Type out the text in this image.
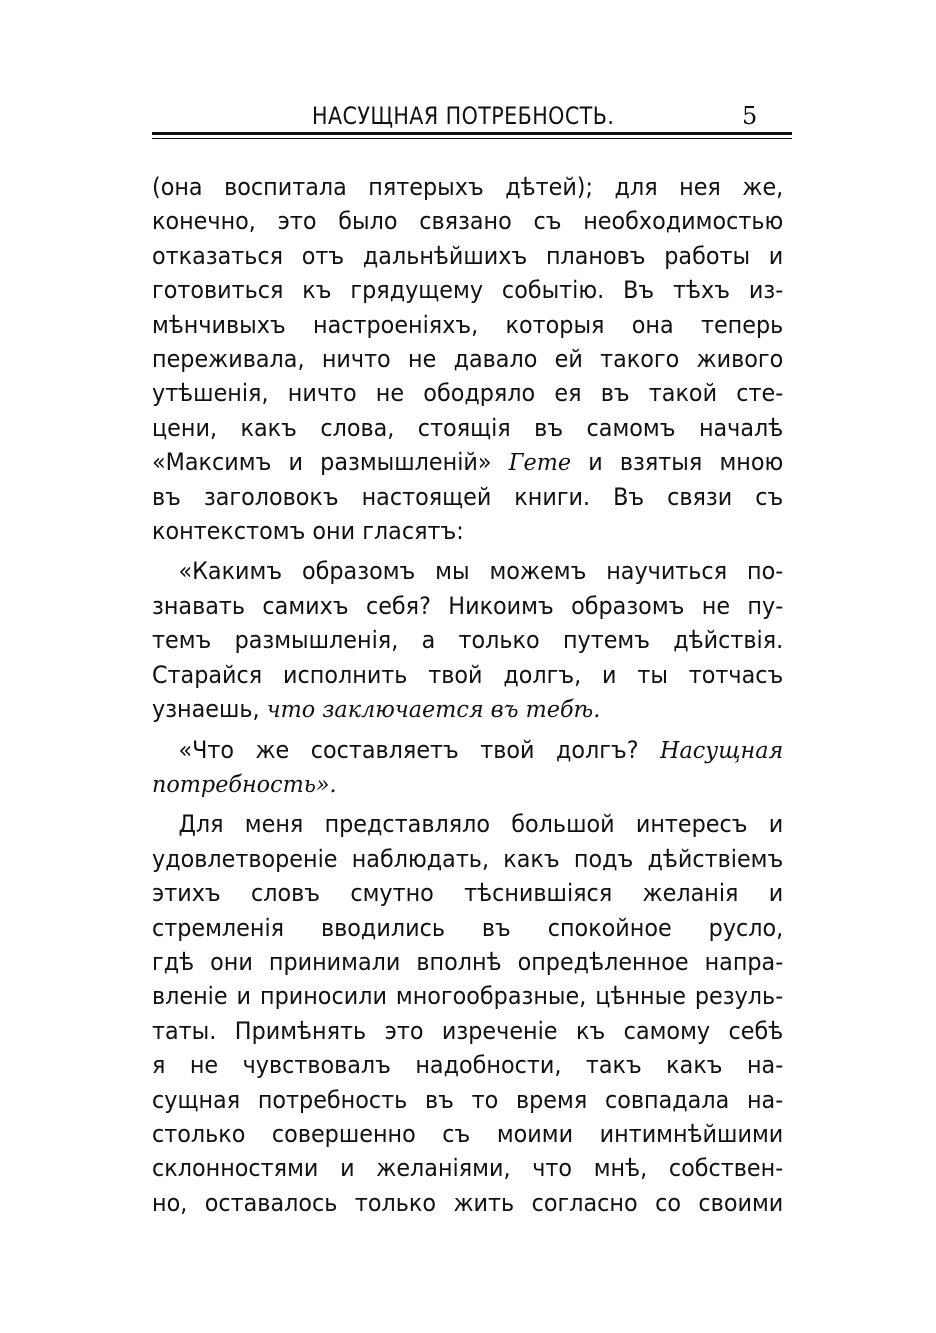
НАСУЩНАЯ ПОТРЕБНОСТЬ.	5
(она воспитала пятерыхъ дѣтей); для нея же,
конечно, это было связано съ необходимостью
отказаться отъ дальнѣйшихъ плановъ работы и
готовиться къ грядущему событію. Въ тѣхъ из-
мѣнчивыхъ настроеніяхъ, которыя она теперь
переживала, ничто не давало ей такого живого
утѣшенія, ничто не ободряло ея въ такой сте-
цени, какъ слова, стоящія въ самомъ началѣ
«Максимъ и размышленій» Гете и взятыя мною
въ заголовокъ настоящей книги. Въ связи съ
контекстомъ они гласятъ:
«Какимъ образомъ мы можемъ научиться по-
знавать самихъ себя? Никоимъ образомъ не пу-
темъ размышленія, а только путемъ дѣйствія.
Старайся исполнить твой долгъ, и ты тотчасъ
узнаешь, что заключается въ тебѣ.
«Что же составляетъ твой долгъ? Насущная
потребность».
Для меня представляло большой интересъ и
удовлетвореніе наблюдать, какъ подъ дѣйствіемъ
этихъ словъ смутно тѣснившіяся желанія и
стремленія вводились въ спокойное русло,
гдѣ они принимали вполнѣ опредѣленное напра-
вленіе и приносили многообразные, цѣнные резуль-
таты. Примѣнять это изреченіе къ самому себѣ
я не чувствовалъ надобности, такъ какъ на-
сущная потребность въ то время совпадала на-
столько совершенно съ моими интимнѣйшими
склонностями и желаніями, что мнѣ, собствен-
но, оставалось только жить согласно со своими
